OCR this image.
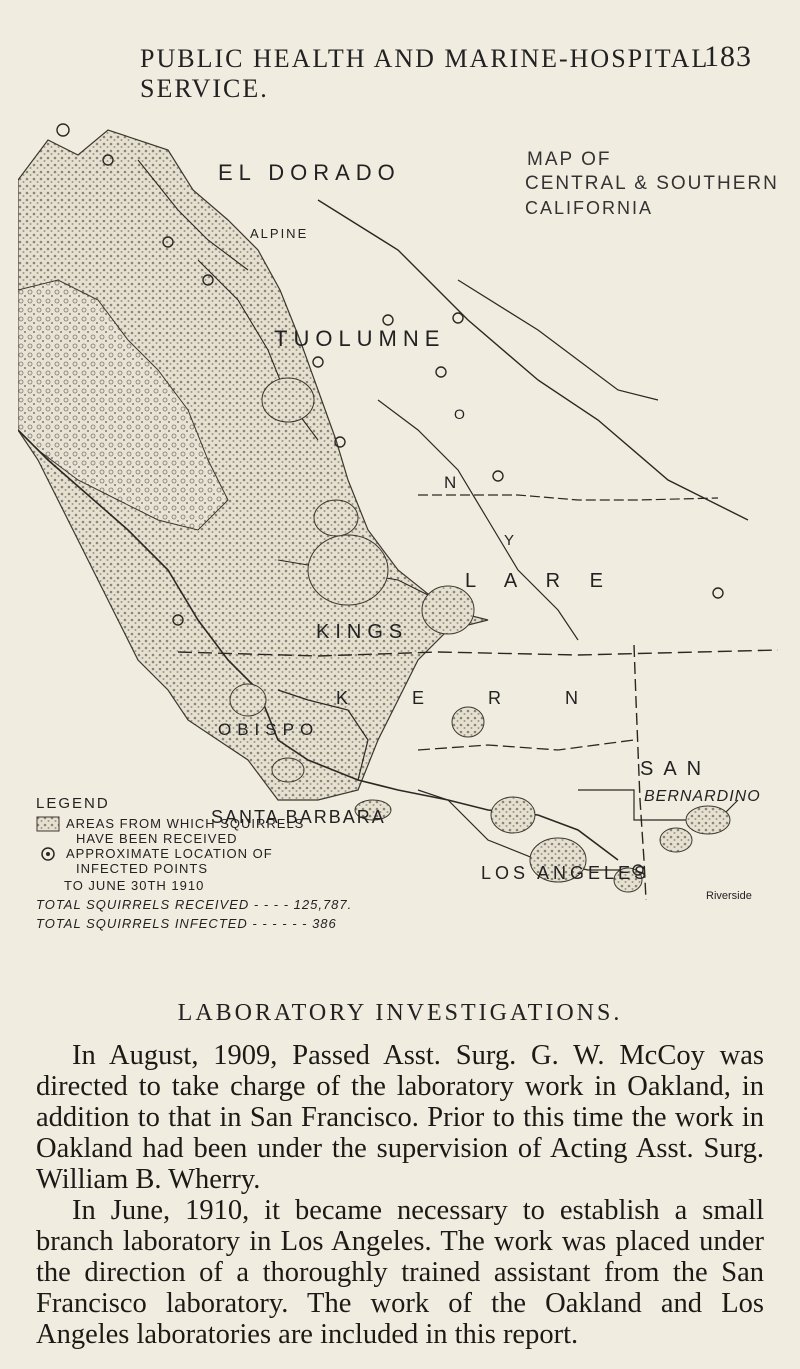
PUBLIC HEALTH AND MARINE-HOSPITAL SERVICE.
183
MAP OF
CENTRAL & SOUTHERN
CALIFORNIA
EL DORADO
ALPINE
TUOLUMNE
N
Y
O
L A R E
KINGS
KERN
OBISPO
SAN
BERNARDINO
SANTA BARBARA
LOS ANGELES
Riverside
LEGEND
AREAS FROM WHICH SQUIRRELS
HAVE BEEN RECEIVED
APPROXIMATE LOCATION OF
INFECTED POINTS
TO JUNE 30TH 1910
TOTAL SQUIRRELS RECEIVED - - - - 125,787.
TOTAL SQUIRRELS INFECTED - - - - - - 386
LABORATORY INVESTIGATIONS.

In August, 1909, Passed Asst. Surg. G. W. McCoy was directed to take charge of the laboratory work in Oakland, in addition to that in San Francisco. Prior to this time the work in Oakland had been under the supervision of Acting Asst. Surg. William B. Wherry.

In June, 1910, it became necessary to establish a small branch laboratory in Los Angeles. The work was placed under the direction of a thoroughly trained assistant from the San Francisco laboratory. The work of the Oakland and Los Angeles laboratories are included in this report.
